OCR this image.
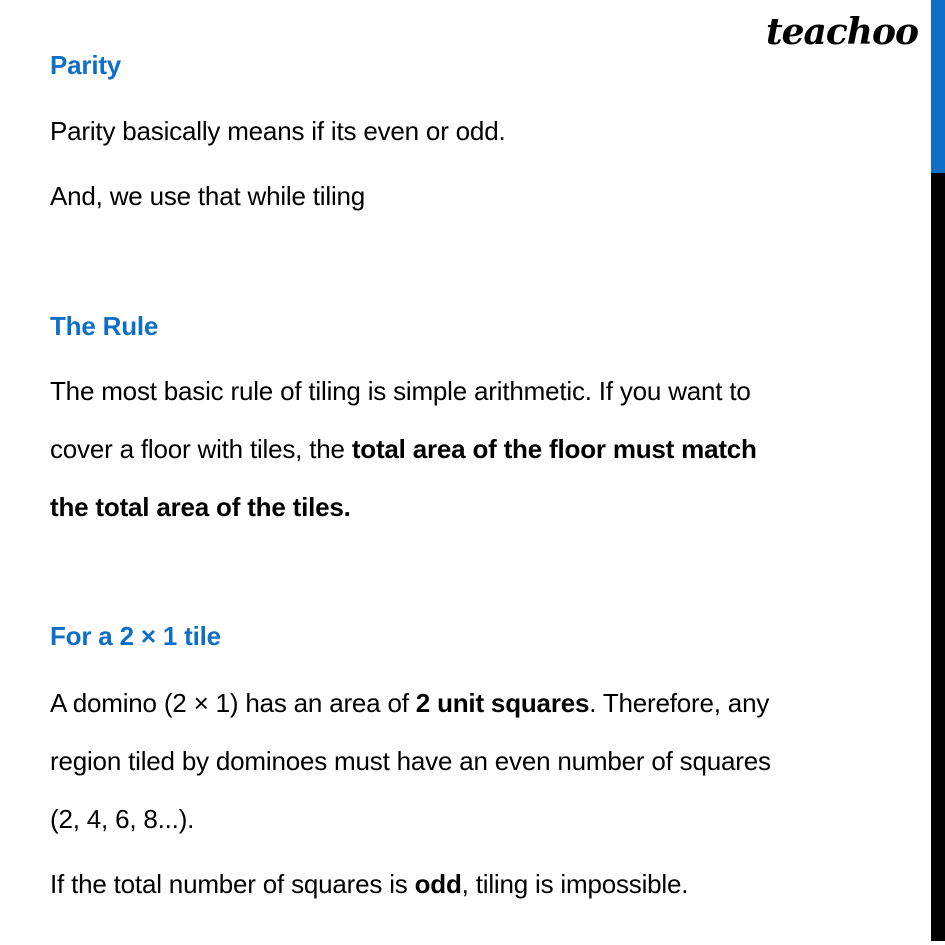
teachoo
Parity
Parity basically means if its even or odd.
And, we use that while tiling
The Rule
The most basic rule of tiling is simple arithmetic. If you want to
cover a floor with tiles, the total area of the floor must match
the total area of the tiles.
For a 2 × 1 tile
A domino (2 × 1) has an area of 2 unit squares. Therefore, any
region tiled by dominoes must have an even number of squares
(2, 4, 6, 8...).
If the total number of squares is odd, tiling is impossible.
